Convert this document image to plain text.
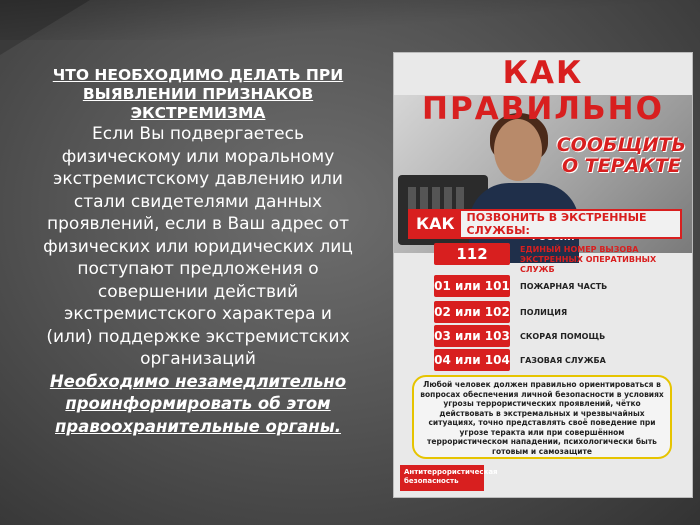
ЧТО НЕОБХОДИМО ДЕЛАТЬ ПРИ
ВЫЯВЛЕНИИ ПРИЗНАКОВ
ЭКСТРЕМИЗМА
Если Вы подвергаетесь
физическому или моральному
экстремистскому давлению или
стали свидетелями данных
проявлений, если в Ваш адрес от
физических или юридических лиц
поступают предложения о
совершении действий
экстремистского характера и
(или) поддержке экстремистских
организаций
Необходимо незамедлительно
проинформировать об этом
правоохранительные органы.
СООБЩИТЬ
О ТЕРАКТЕ
КАК ПРАВИЛЬНО
КАК	ПОЗВОНИТЬ В ЭКСТРЕННЫЕ СЛУЖБЫ:
112	ЕДИНЫЙ НОМЕР ВЫЗОВА ЭКСТРЕННЫХ ОПЕРАТИВНЫХ СЛУЖБ
01 или 101 ПОЖАРНАЯ ЧАСТЬ
02 или 102 ПОЛИЦИЯ
03 или 103 СКОРАЯ ПОМОЩЬ
04 или 104 ГАЗОВАЯ СЛУЖБА
Любой человек должен правильно ориентироваться в вопросах обеспечения личной безопасности в условиях угрозы террористических проявлений, чётко действовать в экстремальных и чрезвычайных ситуациях, точно представлять своё поведение при угрозе теракта или при совершённом террористическом нападении, психологически быть готовым и самозащите
Антитеррористическая безопасность
